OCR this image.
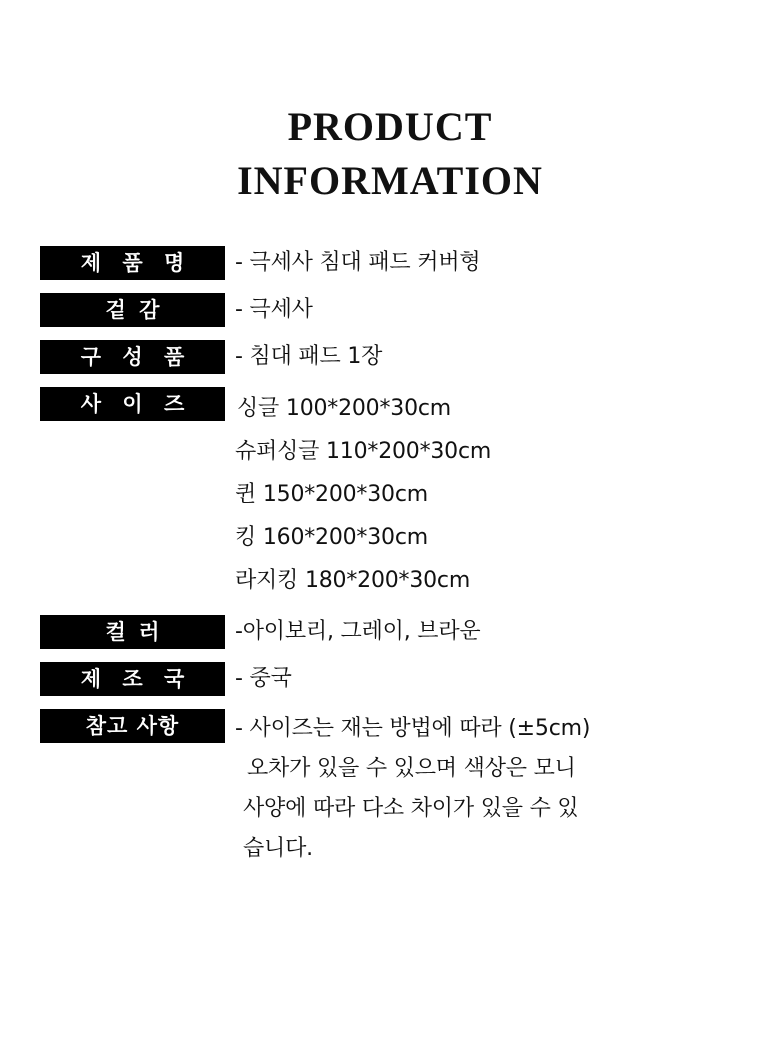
PRODUCT
INFORMATION
제 품 명	- 극세사 침대 패드 커버형
겉 감	- 극세사
구 성 품	- 침대 패드 1장
사 이 즈	싱글 100*200*30cm
슈퍼싱글 110*200*30cm
퀸 150*200*30cm
킹 160*200*30cm
라지킹 180*200*30cm
컬 러	-아이보리, 그레이, 브라운
제 조 국	- 중국
참고 사항	- 사이즈는 재는 방법에 따라 (±5cm)
오차가 있을 수 있으며 색상은 모니
사양에 따라 다소 차이가 있을 수 있
습니다.
